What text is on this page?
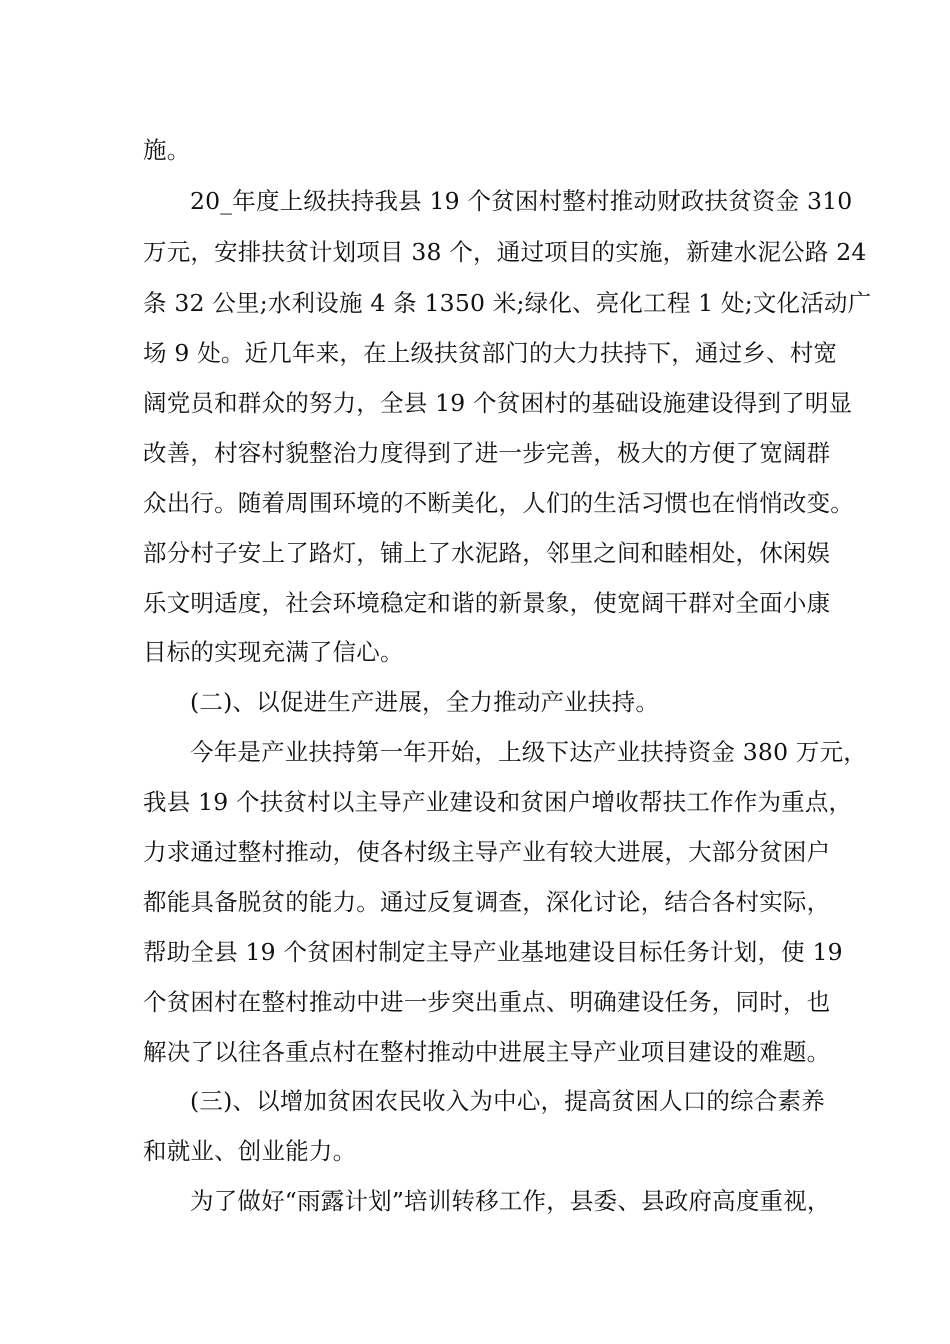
施。
20_年度上级扶持我县 19 个贫困村整村推动财政扶贫资金 310
万元，安排扶贫计划项目 38 个，通过项目的实施，新建水泥公路 24
条 32 公里;水利设施 4 条 1350 米;绿化、亮化工程 1 处;文化活动广
场 9 处。近几年来，在上级扶贫部门的大力扶持下，通过乡、村宽
阔党员和群众的努力，全县 19 个贫困村的基础设施建设得到了明显
改善，村容村貌整治力度得到了进一步完善，极大的方便了宽阔群
众出行。随着周围环境的不断美化，人们的生活习惯也在悄悄改变。
部分村子安上了路灯，铺上了水泥路，邻里之间和睦相处，休闲娱
乐文明适度，社会环境稳定和谐的新景象，使宽阔干群对全面小康
目标的实现充满了信心。
(二)、以促进生产进展，全力推动产业扶持。
今年是产业扶持第一年开始，上级下达产业扶持资金 380 万元，
我县 19 个扶贫村以主导产业建设和贫困户增收帮扶工作作为重点，
力求通过整村推动，使各村级主导产业有较大进展，大部分贫困户
都能具备脱贫的能力。通过反复调查，深化讨论，结合各村实际，
帮助全县 19 个贫困村制定主导产业基地建设目标任务计划，使 19
个贫困村在整村推动中进一步突出重点、明确建设任务，同时，也
解决了以往各重点村在整村推动中进展主导产业项目建设的难题。
(三)、以增加贫困农民收入为中心，提高贫困人口的综合素养
和就业、创业能力。
为了做好“雨露计划”培训转移工作，县委、县政府高度重视，
